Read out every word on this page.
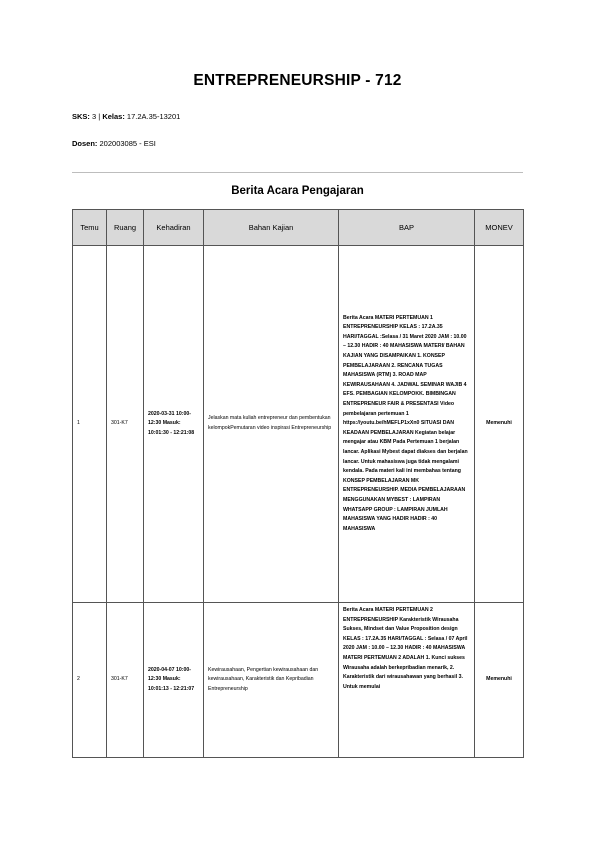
ENTREPRENEURSHIP - 712
SKS: 3 | Kelas: 17.2A.35-13201
Dosen: 202003085 - ESI
Berita Acara Pengajaran
Temu	Ruang	Kehadiran	Bahan Kajian	BAP	MONEV
1	301-K7	2020-03-31 10:00-12:30 Masuk: 10:01:30 - 12:21:08	Jelaskan mata kuliah entrepreneur dan pembentukan kelompokPemutaran video inspirasi Entrepreneurship	Berita Acara MATERI PERTEMUAN 1 ENTREPRENEURSHIP KELAS : 17.2A.35 HARI/TAGGAL :Selasa / 31 Maret 2020 JAM : 10.00 – 12.30 HADIR : 40 MAHASISWA MATERI/ BAHAN KAJIAN YANG DISAMPAIKAN 1. KONSEP PEMBELAJARAAN 2. RENCANA TUGAS MAHASISWA (RTM) 3. ROAD MAP KEWIRAUSAHAAN 4. JADWAL SEMINAR WAJIB 4 EFS. PEMBAGIAN KELOMPOKK. BIMBINGAN ENTREPRENEUR FAIR & PRESENTASI Video pembelajaran pertemuan 1 https://youtu.be/hMEFLP1xXn0 SITUASI DAN KEADAAN PEMBELAJARAN Kegiatan belajar mengajar atau KBM Pada Pertemuan 1 berjalan lancar. Aplikasi Mybest dapat diakses dan berjalan lancar. Untuk mahasiswa juga tidak mengalami kendala. Pada materi kali ini membahas tentang KONSEP PEMBELAJARAN MK ENTREPRENEURSHIP. MEDIA PEMBELAJARAAN MENGGUNAKAN MYBEST : LAMPIRAN WHATSAPP GROUP : LAMPIRAN JUMLAH MAHASISWA YANG HADIR HADIR : 40 MAHASISWA	Memenuhi
2	301-K7	2020-04-07 10:00-12:30 Masuk: 10:01:13 - 12:21:07	Kewirausahaan, Pengertian kewirausahaan dan kewirausahaan, Karakteristik dan Kepribadian Entrepreneurship	Berita Acara MATERI PERTEMUAN 2 ENTREPRENEURSHIP Karakteristik Wirausaha Sukses, Mindset dan Value Proposition design KELAS : 17.2A.35 HARI/TAGGAL : Selasa / 07 April 2020 JAM : 10.00 – 12.30 HADIR : 40 MAHASISWA MATERI PERTEMUAN 2 ADALAH 1. Kunci sukses Wirausaha adalah berkepribadian menarik, 2. Karakteristik dari wirausahawan yang berhasil 3. Untuk memulai	Memenuhi
